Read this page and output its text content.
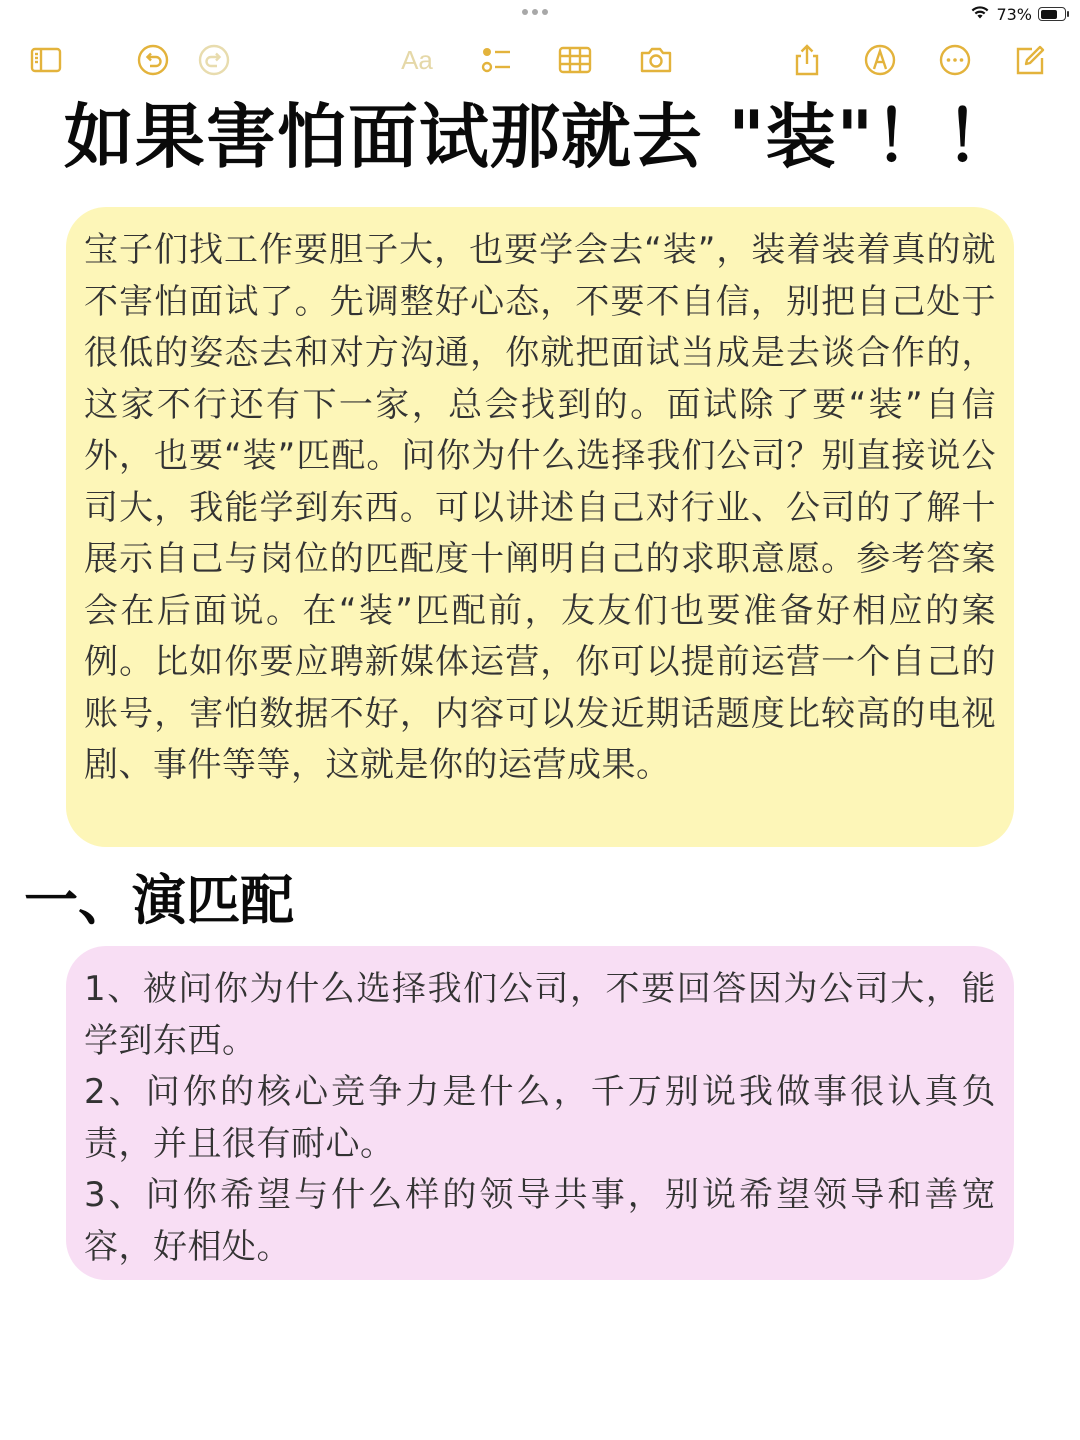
73%
Aa
如果害怕面试那就去 "装"！！
宝子们找工作要胆子大，也要学会去“装”，装着装着真的就不害怕面试了。先调整好心态，不要不自信，别把自己处于很低的姿态去和对方沟通，你就把面试当成是去谈合作的，这家不行还有下一家，总会找到的。面试除了要“装”自信外，也要“装”匹配。问你为什么选择我们公司？别直接说公司大，我能学到东西。可以讲述自己对行业、公司的了解十展示自己与岗位的匹配度十阐明自己的求职意愿。参考答案会在后面说。在“装”匹配前，友友们也要准备好相应的案例。比如你要应聘新媒体运营，你可以提前运营一个自己的账号，害怕数据不好，内容可以发近期话题度比较高的电视剧、事件等等，这就是你的运营成果。
一、演匹配

1、被问你为什么选择我们公司，不要回答因为公司大，能学到东西。

2、问你的核心竞争力是什么，千万别说我做事很认真负责，并且很有耐心。

3、问你希望与什么样的领导共事，别说希望领导和善宽容，好相处。
